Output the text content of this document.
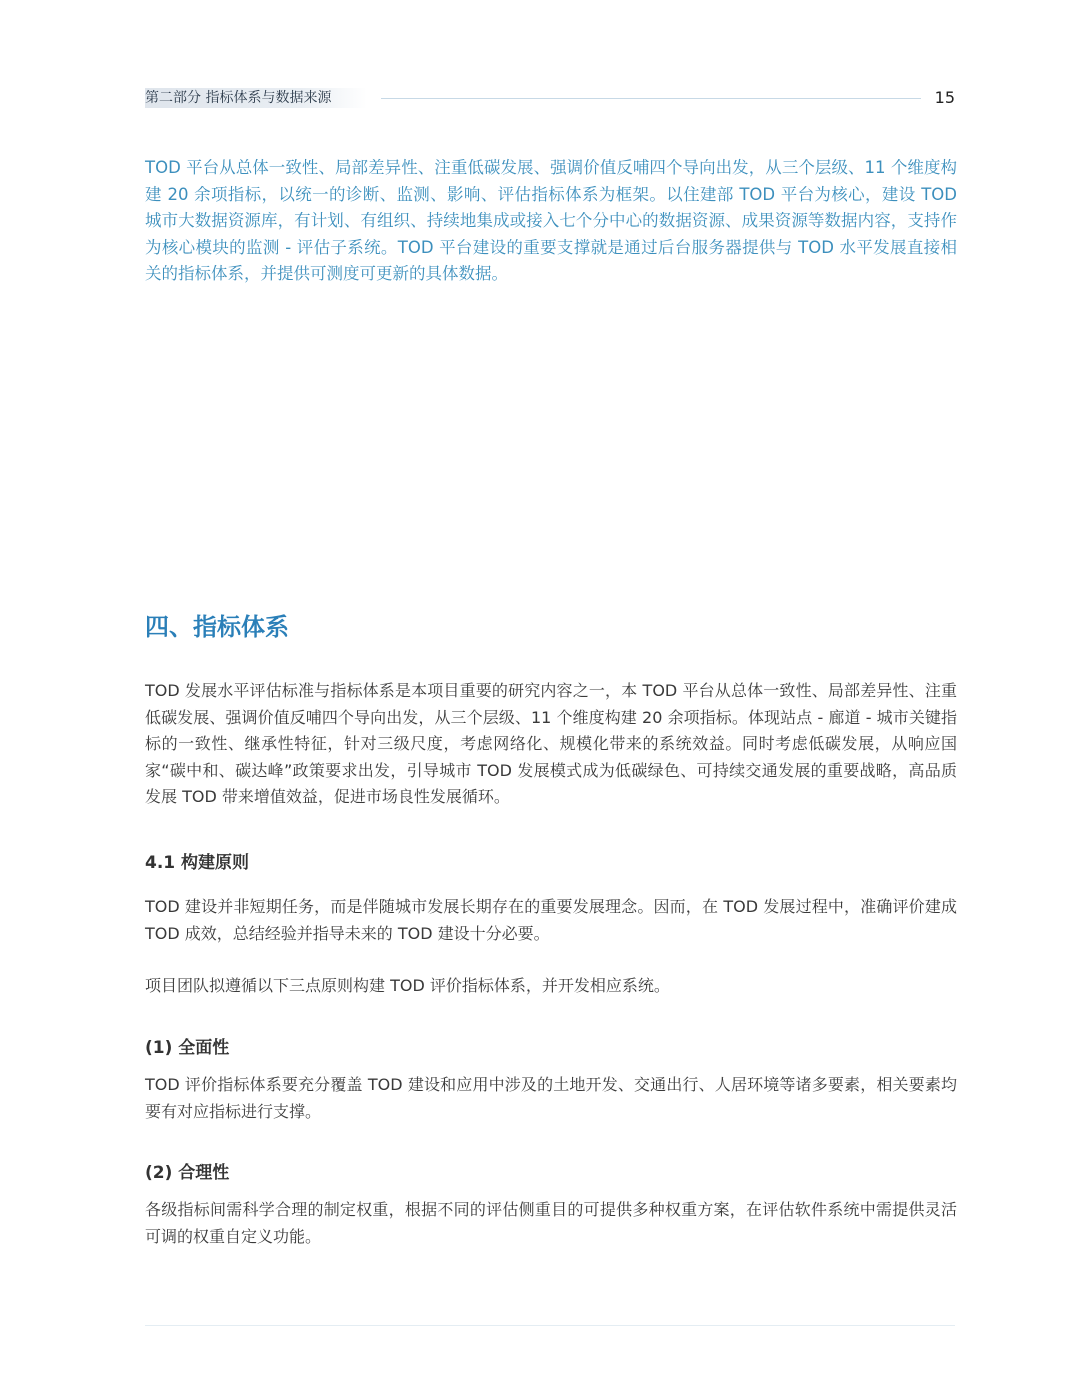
第二部分 指标体系与数据来源	15

TOD 平台从总体一致性、局部差异性、注重低碳发展、强调价值反哺四个导向出发，从三个层级、11 个维度构建 20 余项指标，以统一的诊断、监测、影响、评估指标体系为框架。以住建部 TOD 平台为核心，建设 TOD 城市大数据资源库，有计划、有组织、持续地集成或接入七个分中心的数据资源、成果资源等数据内容，支持作为核心模块的监测 - 评估子系统。TOD 平台建设的重要支撑就是通过后台服务器提供与 TOD 水平发展直接相关的指标体系，并提供可测度可更新的具体数据。

四、指标体系

TOD 发展水平评估标准与指标体系是本项目重要的研究内容之一，本 TOD 平台从总体一致性、局部差异性、注重低碳发展、强调价值反哺四个导向出发，从三个层级、11 个维度构建 20 余项指标。体现站点 - 廊道 - 城市关键指标的一致性、继承性特征，针对三级尺度，考虑网络化、规模化带来的系统效益。同时考虑低碳发展，从响应国家“碳中和、碳达峰”政策要求出发，引导城市 TOD 发展模式成为低碳绿色、可持续交通发展的重要战略，高品质发展 TOD 带来增值效益，促进市场良性发展循环。

4.1 构建原则

TOD 建设并非短期任务，而是伴随城市发展长期存在的重要发展理念。因而，在 TOD 发展过程中，准确评价建成 TOD 成效，总结经验并指导未来的 TOD 建设十分必要。

项目团队拟遵循以下三点原则构建 TOD 评价指标体系，并开发相应系统。

(1) 全面性

TOD 评价指标体系要充分覆盖 TOD 建设和应用中涉及的土地开发、交通出行、人居环境等诸多要素，相关要素均要有对应指标进行支撑。

(2) 合理性

各级指标间需科学合理的制定权重，根据不同的评估侧重目的可提供多种权重方案，在评估软件系统中需提供灵活可调的权重自定义功能。
